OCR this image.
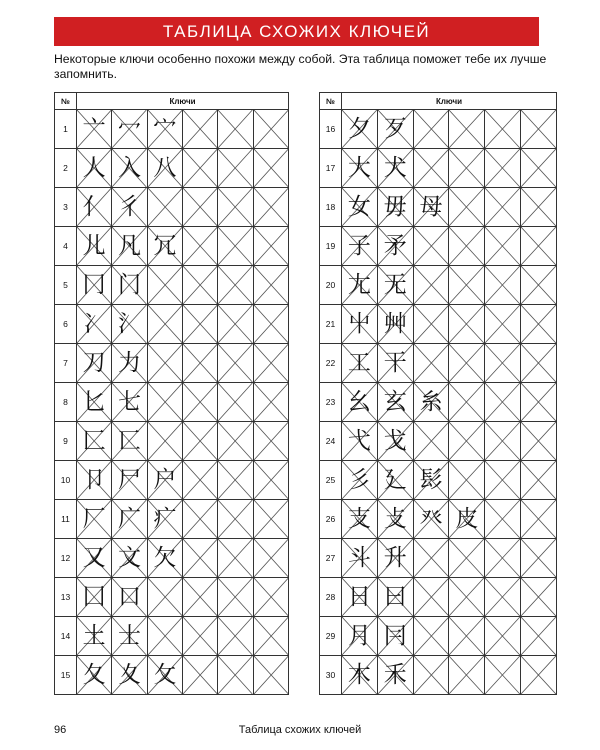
ТАБЛИЦА СХОЖИХ КЛЮЧЕЙ
Некоторые ключи особенно похожи между собой. Эта таблица поможет тебе их лучше запомнить.
№	Ключи					
1	亠	冖	宀

2	人	入	八

3	亻	彳

4	儿	凡	冗

5	冂	门

6	冫	氵

7	刀	力

8	匕	七

9	匚	匸

10	卩	尸	户

11	厂	广	疒

12	又	文	欠

13	囗	口

14	土	士

15	夂	夊	攵

№	Ключи					
16	夕	歹

17	大	犬

18	女	毋	母

19	子	矛

20	尢	无

21	屮	艸

22	工	干

23	幺	玄	糸

24	弋	戈

25	彡	廴	髟

26	支	攴	癶	皮

27	斗	升

28	日	曰

29	月	冃

30	木	禾

96	Таблица схожих ключей
